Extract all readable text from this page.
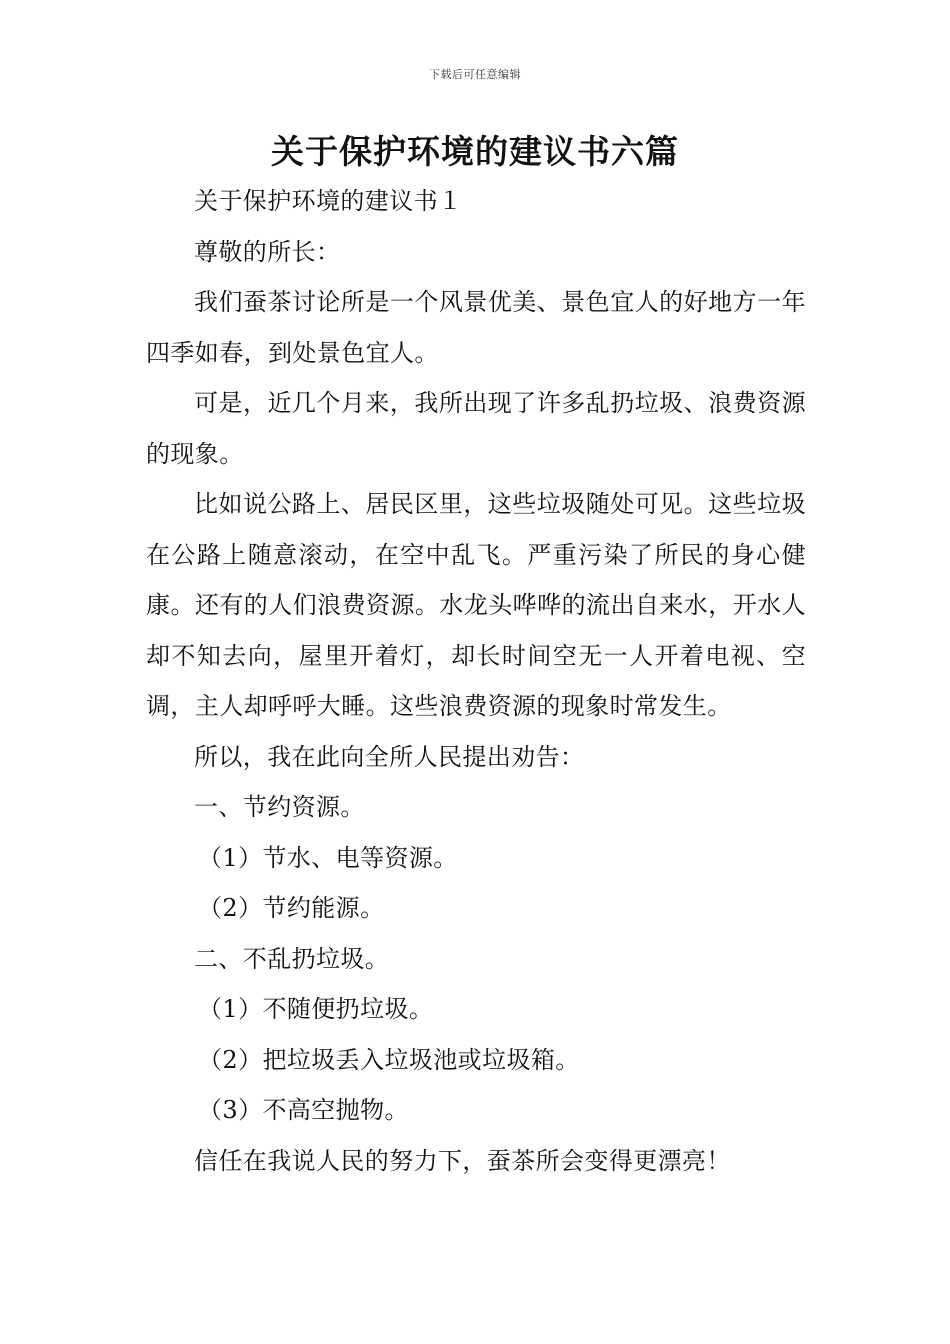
下载后可任意编辑
关于保护环境的建议书六篇

关于保护环境的建议书１

尊敬的所长：

我们蚕茶讨论所是一个风景优美、景色宜人的好地方一年四季如春，到处景色宜人。

可是，近几个月来，我所出现了许多乱扔垃圾、浪费资源的现象。

比如说公路上、居民区里，这些垃圾随处可见。这些垃圾在公路上随意滚动，在空中乱飞。严重污染了所民的身心健康。还有的人们浪费资源。水龙头哗哗的流出自来水，开水人却不知去向，屋里开着灯，却长时间空无一人开着电视、空调，主人却呼呼大睡。这些浪费资源的现象时常发生。

所以，我在此向全所人民提出劝告：

一、节约资源。

（1）节水、电等资源。

（2）节约能源。

二、不乱扔垃圾。

（1）不随便扔垃圾。

（2）把垃圾丢入垃圾池或垃圾箱。

（3）不高空抛物。

信任在我说人民的努力下，蚕茶所会变得更漂亮！
